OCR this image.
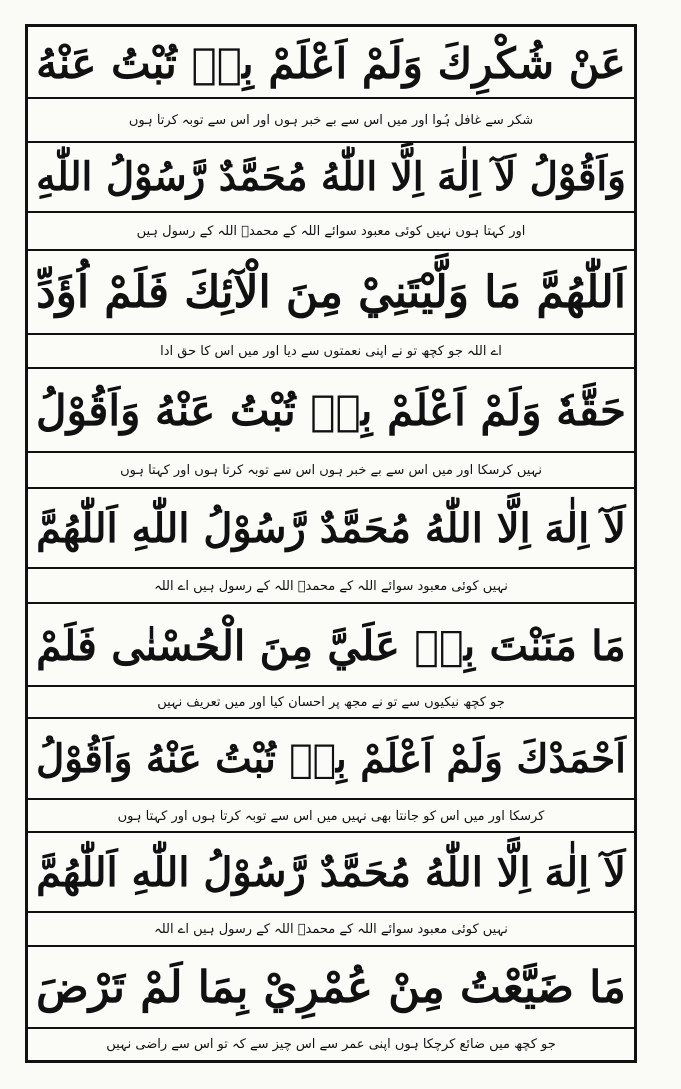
عَنْ شُكْرِكَ وَلَمْ اَعْلَمْ بِهٖ تُبْتُ عَنْهُ
شکر سے غافل ہُوا اور میں اس سے بے خبر ہوں اور اس سے توبہ کرتا ہوں
وَاَقُوْلُ لَآ اِلٰهَ اِلَّا اللّٰهُ مُحَمَّدٌ رَّسُوْلُ اللّٰهِ
اور کہتا ہوں نہیں کوئی معبود سوائے اللہ کے محمدؐ اللہ کے رسول ہیں
اَللّٰهُمَّ مَا وَلَّيْتَنِيْ مِنَ الْآئِكَ فَلَمْ اُؤَدِّ
اے اللہ جو کچھ تو نے اپنی نعمتوں سے دیا اور میں اس کا حق ادا
حَقَّهٗ وَلَمْ اَعْلَمْ بِهٖ تُبْتُ عَنْهُ وَاَقُوْلُ
نہیں کرسکا اور میں اس سے بے خبر ہوں اس سے توبہ کرتا ہوں اور کہتا ہوں
لَآ اِلٰهَ اِلَّا اللّٰهُ مُحَمَّدٌ رَّسُوْلُ اللّٰهِ اَللّٰهُمَّ
نہیں کوئی معبود سوائے اللہ کے محمدؐ اللہ کے رسول ہیں اے اللہ
مَا مَنَنْتَ بِهٖ عَلَيَّ مِنَ الْحُسْنٰى فَلَمْ
جو کچھ نیکیوں سے تو نے مجھ پر احسان کیا اور میں تعریف نہیں
اَحْمَدْكَ وَلَمْ اَعْلَمْ بِهٖ تُبْتُ عَنْهُ وَاَقُوْلُ
کرسکا اور میں اس کو جانتا بھی نہیں میں اس سے توبہ کرتا ہوں اور کہتا ہوں
لَآ اِلٰهَ اِلَّا اللّٰهُ مُحَمَّدٌ رَّسُوْلُ اللّٰهِ اَللّٰهُمَّ
نہیں کوئی معبود سوائے اللہ کے محمدؐ اللہ کے رسول ہیں اے اللہ
مَا ضَيَّعْتُ مِنْ عُمْرِيْ بِمَا لَمْ تَرْضَ
جو کچھ میں ضائع کرچکا ہوں اپنی عمر سے اس چیز سے کہ تو اس سے راضی نہیں
